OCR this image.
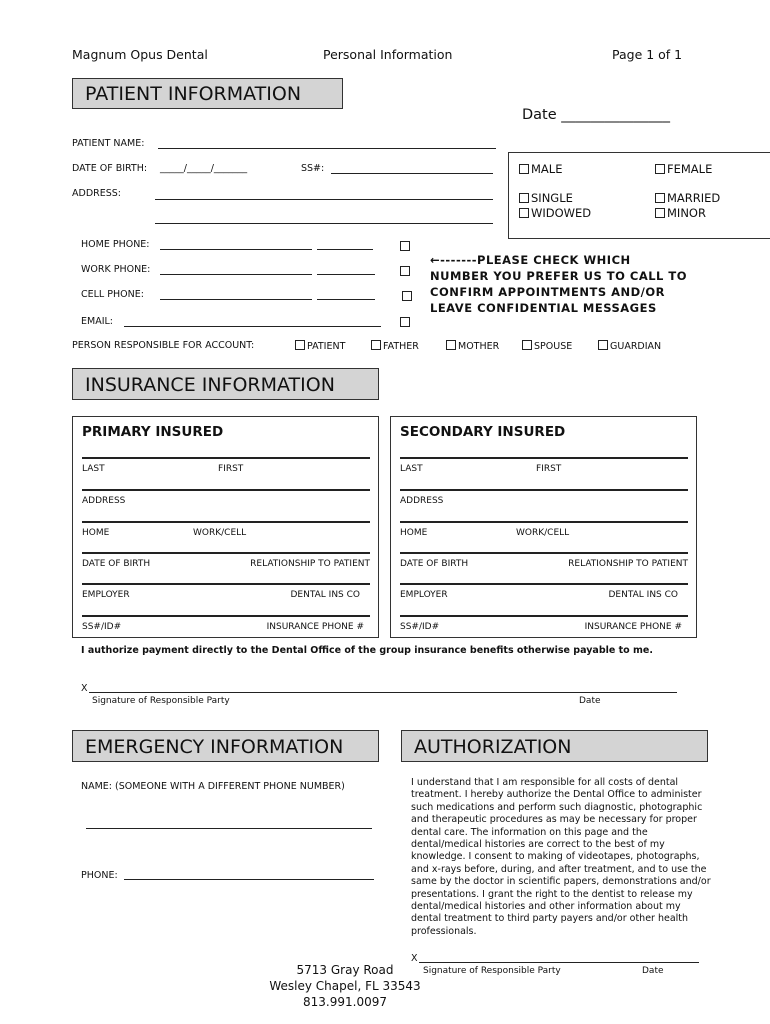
Magnum Opus Dental	Personal Information	Page 1 of 1
PATIENT INFORMATION
Date _______________
PATIENT NAME:
DATE OF BIRTH: _____/_____/_______	SS#:
ADDRESS:
MALE	FEMALE
SINGLE	MARRIED
WIDOWED	MINOR
HOME PHONE:
WORK PHONE:
CELL PHONE:
EMAIL:
←-------PLEASE CHECK WHICH
NUMBER YOU PREFER US TO CALL TO
CONFIRM APPOINTMENTS AND/OR
LEAVE CONFIDENTIAL MESSAGES
PERSON RESPONSIBLE FOR ACCOUNT:	PATIENT	FATHER	MOTHER	SPOUSE	GUARDIAN
INSURANCE INFORMATION
PRIMARY INSURED
LAST	FIRST
ADDRESS
HOME	WORK/CELL
DATE OF BIRTH	RELATIONSHIP TO PATIENT
EMPLOYER	DENTAL INS CO
SS#/ID#	INSURANCE PHONE #
SECONDARY INSURED
LAST	FIRST
ADDRESS
HOME	WORK/CELL
DATE OF BIRTH	RELATIONSHIP TO PATIENT
EMPLOYER	DENTAL INS CO
SS#/ID#	INSURANCE PHONE #
I authorize payment directly to the Dental Office of the group insurance benefits otherwise payable to me.
X
Signature of Responsible Party	Date
EMERGENCY INFORMATION
NAME: (SOMEONE WITH A DIFFERENT PHONE NUMBER)
PHONE:
AUTHORIZATION
I understand that I am responsible for all costs of dental treatment. I hereby authorize the Dental Office to administer such medications and perform such diagnostic, photographic and therapeutic procedures as may be necessary for proper dental care. The information on this page and the dental/medical histories are correct to the best of my knowledge. I consent to making of videotapes, photographs, and x-rays before, during, and after treatment, and to use the same by the doctor in scientific papers, demonstrations and/or presentations. I grant the right to the dentist to release my dental/medical histories and other information about my dental treatment to third party payers and/or other health professionals.
X
Signature of Responsible Party	Date
5713 Gray Road
Wesley Chapel, FL 33543
813.991.0097
